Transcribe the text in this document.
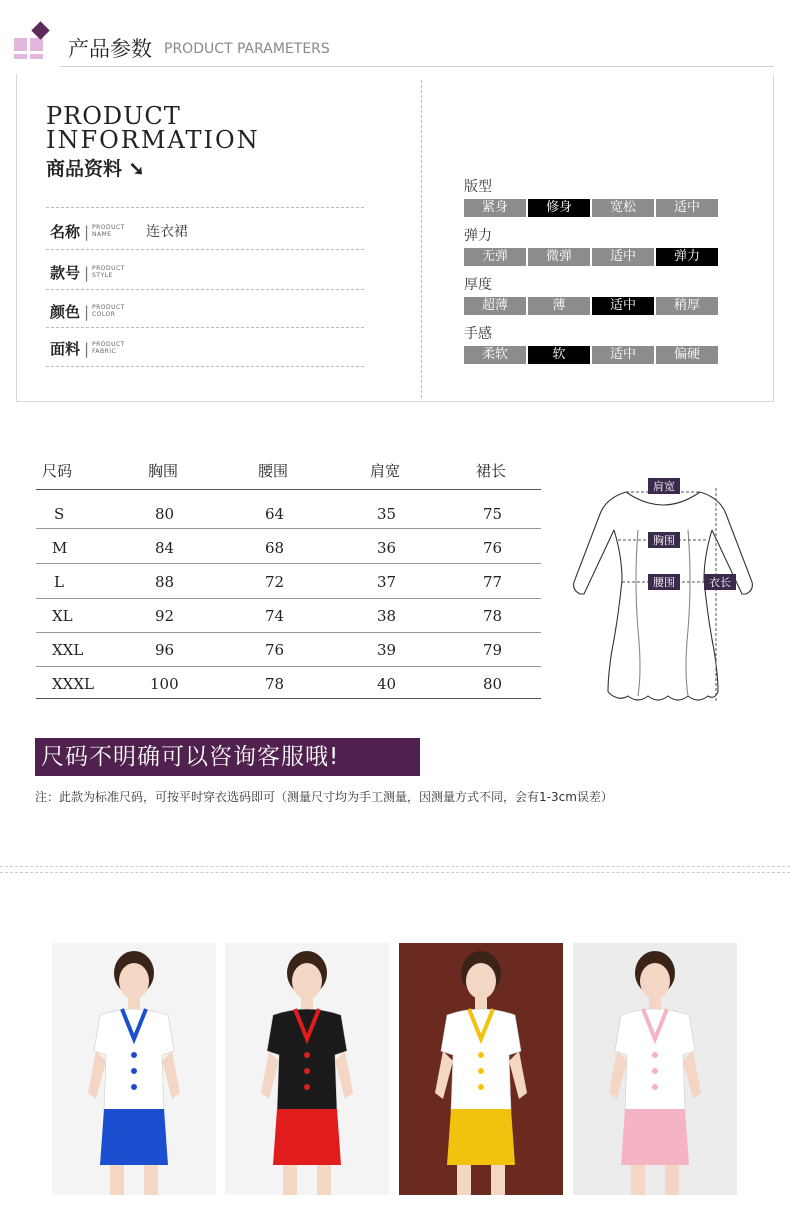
产品参数 PRODUCT PARAMETERS
PRODUCT
INFORMATION
商品资料 ➘
名称 | PRODUCT
NAME	连衣裙
款号 | PRODUCT
STYLE
颜色 | PRODUCT
COLOR
面料 | PRODUCT
FABRIC
版型
紧身	修身	宽松	适中
弹力
无弹	微弹	适中	弹力
厚度
超薄	薄	适中	稍厚
手感
柔软	软	适中	偏硬
尺码	胸围	腰围	肩宽	裙长
S	80	64	35	75
M	84	68	36	76
L	88	72	37	77
XL	92	74	38	78
XXL	96	76	39	79
XXXL	100	78	40	80
肩宽
胸围
腰围	衣长
尺码不明确可以咨询客服哦!
注：此款为标准尺码，可按平时穿衣选码即可（测量尺寸均为手工测量，因测量方式不同，会有1-3cm误差）
